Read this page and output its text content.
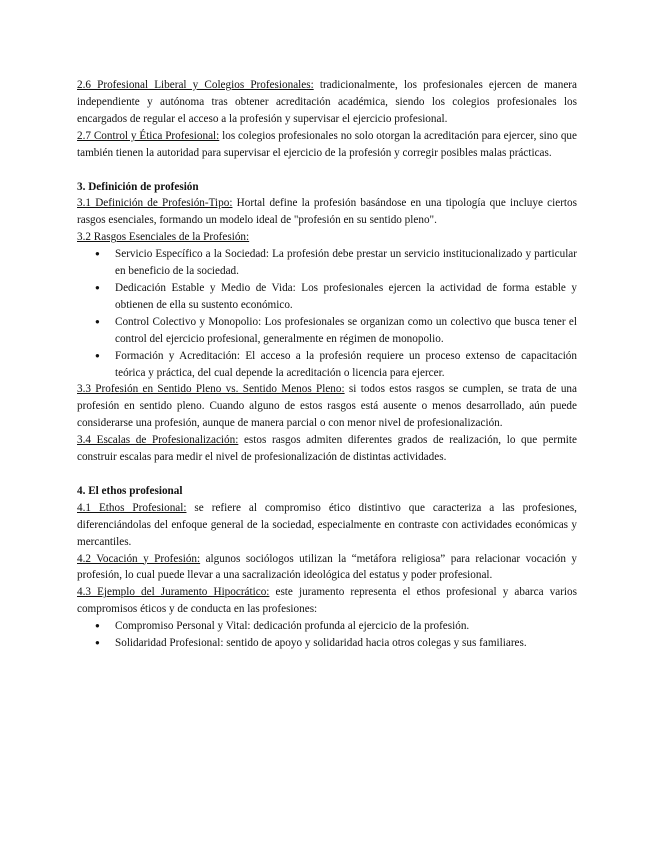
2.6 Profesional Liberal y Colegios Profesionales: tradicionalmente, los profesionales ejercen de manera independiente y autónoma tras obtener acreditación académica, siendo los colegios profesionales los encargados de regular el acceso a la profesión y supervisar el ejercicio profesional.

2.7 Control y Ética Profesional: los colegios profesionales no solo otorgan la acreditación para ejercer, sino que también tienen la autoridad para supervisar el ejercicio de la profesión y corregir posibles malas prácticas.

3. Definición de profesión

3.1 Definición de Profesión-Tipo: Hortal define la profesión basándose en una tipología que incluye ciertos rasgos esenciales, formando un modelo ideal de "profesión en su sentido pleno".

3.2 Rasgos Esenciales de la Profesión:

● Servicio Específico a la Sociedad: La profesión debe prestar un servicio institucionalizado y particular en beneficio de la sociedad.
● Dedicación Estable y Medio de Vida: Los profesionales ejercen la actividad de forma estable y obtienen de ella su sustento económico.
● Control Colectivo y Monopolio: Los profesionales se organizan como un colectivo que busca tener el control del ejercicio profesional, generalmente en régimen de monopolio.
● Formación y Acreditación: El acceso a la profesión requiere un proceso extenso de capacitación teórica y práctica, del cual depende la acreditación o licencia para ejercer.

3.3 Profesión en Sentido Pleno vs. Sentido Menos Pleno: si todos estos rasgos se cumplen, se trata de una profesión en sentido pleno. Cuando alguno de estos rasgos está ausente o menos desarrollado, aún puede considerarse una profesión, aunque de manera parcial o con menor nivel de profesionalización.

3.4 Escalas de Profesionalización: estos rasgos admiten diferentes grados de realización, lo que permite construir escalas para medir el nivel de profesionalización de distintas actividades.

4. El ethos profesional

4.1 Ethos Profesional: se refiere al compromiso ético distintivo que caracteriza a las profesiones, diferenciándolas del enfoque general de la sociedad, especialmente en contraste con actividades económicas y mercantiles.

4.2 Vocación y Profesión: algunos sociólogos utilizan la “metáfora religiosa” para relacionar vocación y profesión, lo cual puede llevar a una sacralización ideológica del estatus y poder profesional.

4.3 Ejemplo del Juramento Hipocrático: este juramento representa el ethos profesional y abarca varios compromisos éticos y de conducta en las profesiones:

● Compromiso Personal y Vital: dedicación profunda al ejercicio de la profesión.
● Solidaridad Profesional: sentido de apoyo y solidaridad hacia otros colegas y sus familiares.
